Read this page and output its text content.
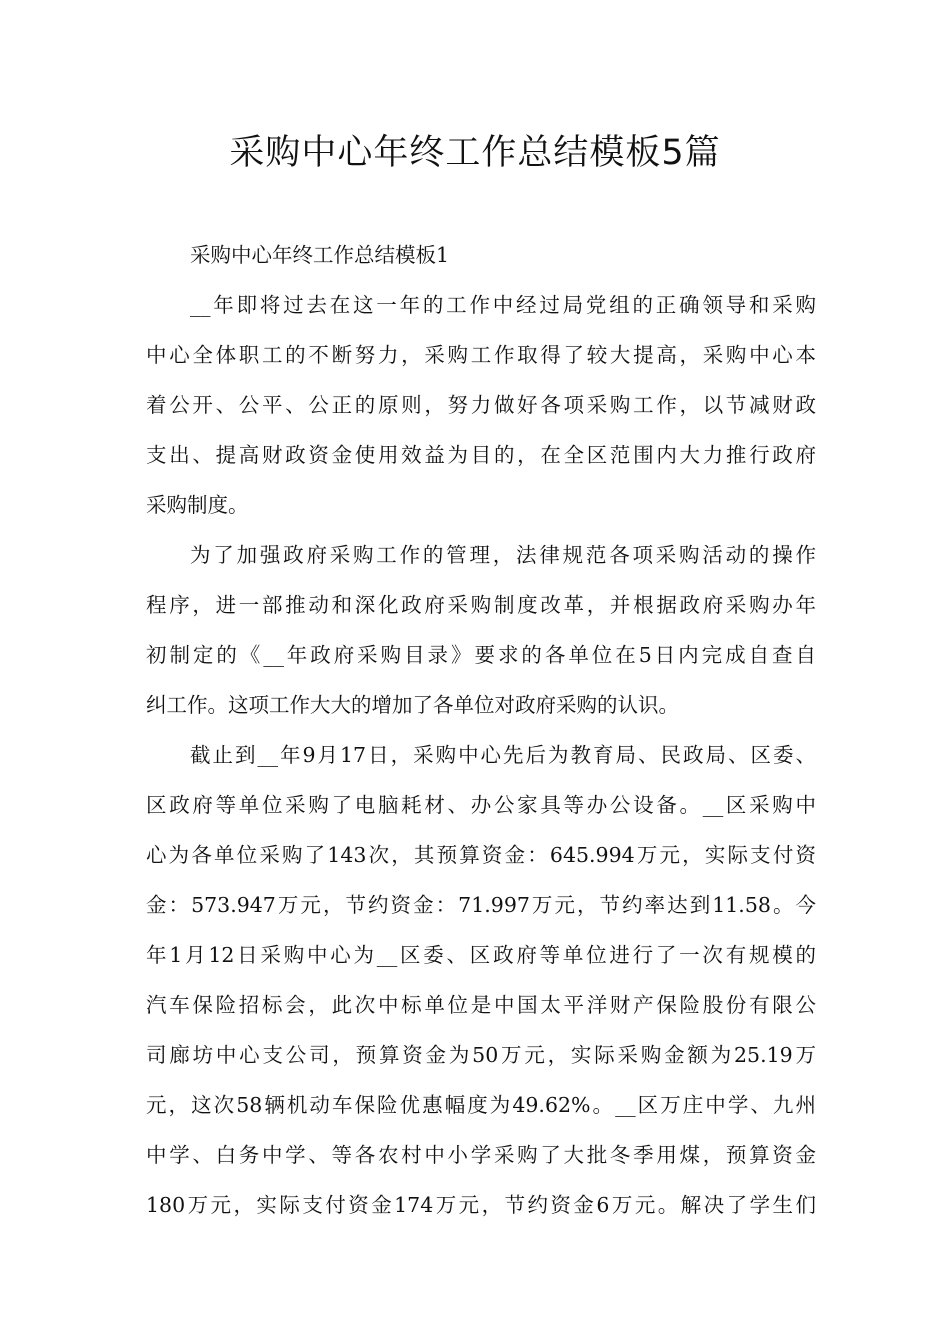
采购中心年终工作总结模板5篇
采购中心年终工作总结模板1
__年即将过去在这一年的工作中经过局党组的正确领导和采购
中心全体职工的不断努力，采购工作取得了较大提高，采购中心本
着公开、公平、公正的原则，努力做好各项采购工作，以节减财政
支出、提高财政资金使用效益为目的，在全区范围内大力推行政府
采购制度。
为了加强政府采购工作的管理，法律规范各项采购活动的操作
程序，进一部推动和深化政府采购制度改革，并根据政府采购办年
初制定的《__年政府采购目录》要求的各单位在5日内完成自查自
纠工作。这项工作大大的增加了各单位对政府采购的认识。
截止到__年9月17日，采购中心先后为教育局、民政局、区委、
区政府等单位采购了电脑耗材、办公家具等办公设备。__区采购中
心为各单位采购了143次，其预算资金：645.994万元，实际支付资
金：573.947万元，节约资金：71.997万元，节约率达到11.58。今
年1月12日采购中心为__区委、区政府等单位进行了一次有规模的
汽车保险招标会，此次中标单位是中国太平洋财产保险股份有限公
司廊坊中心支公司，预算资金为50万元，实际采购金额为25.19万
元，这次58辆机动车保险优惠幅度为49.62%。__区万庄中学、九州
中学、白务中学、等各农村中小学采购了大批冬季用煤，预算资金
180万元，实际支付资金174万元，节约资金6万元。解决了学生们
